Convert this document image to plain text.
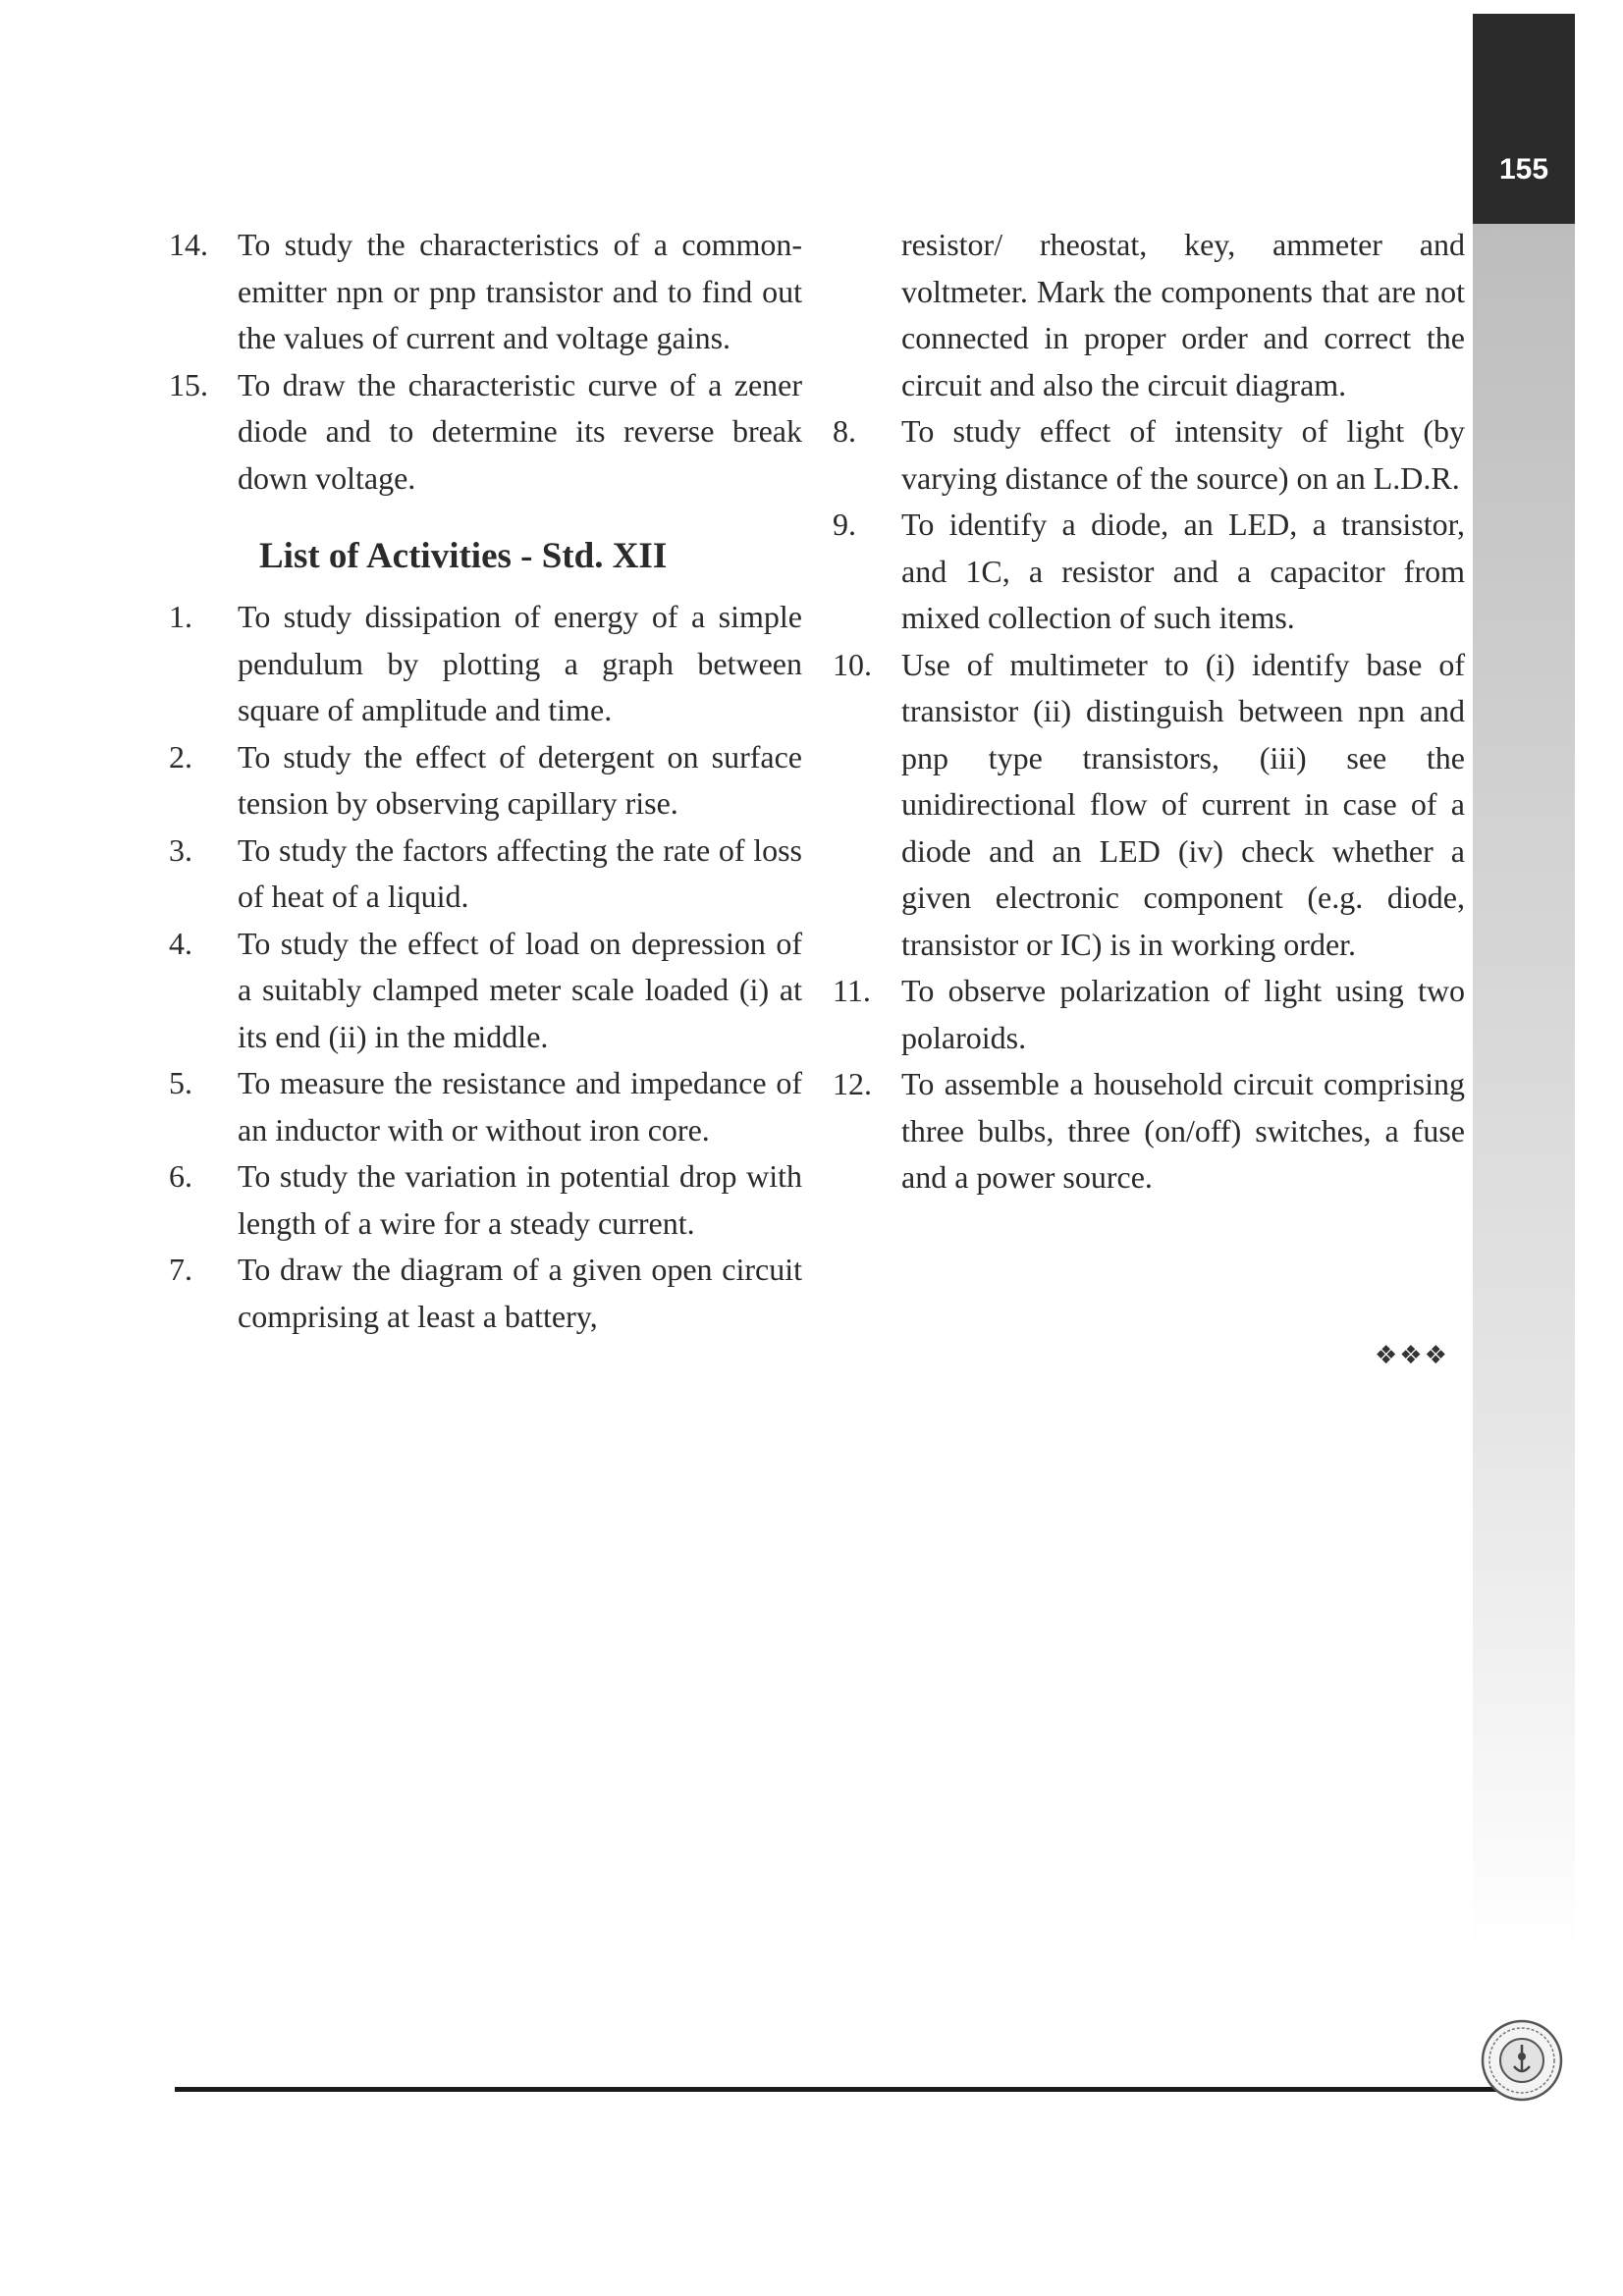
155
14. To study the characteristics of a common-emitter npn or pnp transistor and to find out the values of current and voltage gains.
15. To draw the characteristic curve of a zener diode and to determine its reverse break down voltage.
List of Activities - Std. XII
1. To study dissipation of energy of a simple pendulum by plotting a graph between square of amplitude and time.
2. To study the effect of detergent on surface tension by observing capillary rise.
3. To study the factors affecting the rate of loss of heat of a liquid.
4. To study the effect of load on depression of a suitably clamped meter scale loaded (i) at its end (ii) in the middle.
5. To measure the resistance and impedance of an inductor with or without iron core.
6. To study the variation in potential drop with length of a wire for a steady current.
7. To draw the diagram of a given open circuit comprising at least a battery,
resistor/ rheostat, key, ammeter and voltmeter. Mark the components that are not connected in proper order and correct the circuit and also the circuit diagram.
8. To study effect of intensity of light (by varying distance of the source) on an L.D.R.
9. To identify a diode, an LED, a transistor, and 1C, a resistor and a capacitor from mixed collection of such items.
10. Use of multimeter to (i) identify base of transistor (ii) distinguish between npn and pnp type transistors, (iii) see the unidirectional flow of current in case of a diode and an LED (iv) check whether a given electronic component (e.g. diode, transistor or IC) is in working order.
11. To observe polarization of light using two polaroids.
12. To assemble a household circuit comprising three bulbs, three (on/off) switches, a fuse and a power source.
❖❖❖
